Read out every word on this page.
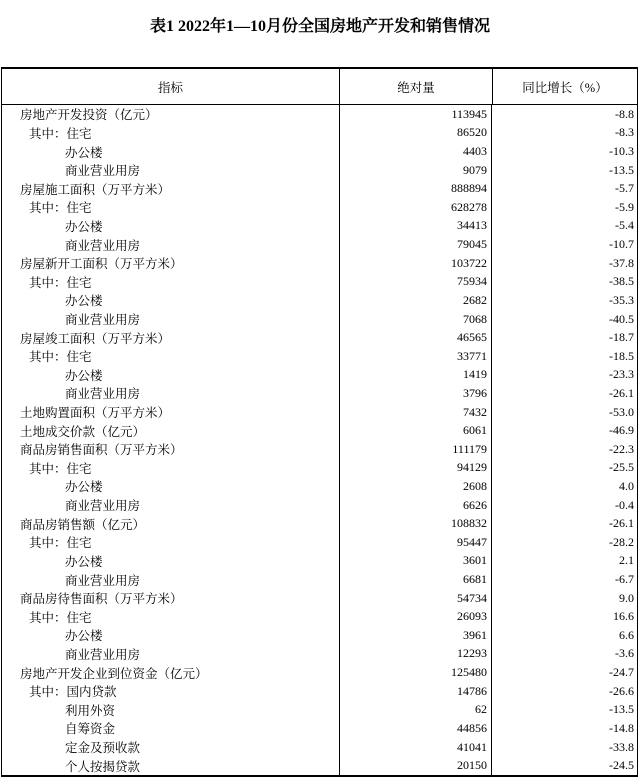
表1 2022年1—10月份全国房地产开发和销售情况
指标	绝对量	同比增长（%）
房地产开发投资（亿元）	113945	-8.8
其中：住宅	86520	-8.3
办公楼	4403	-10.3
商业营业用房	9079	-13.5
房屋施工面积（万平方米）	888894	-5.7
其中：住宅	628278	-5.9
办公楼	34413	-5.4
商业营业用房	79045	-10.7
房屋新开工面积（万平方米）	103722	-37.8
其中：住宅	75934	-38.5
办公楼	2682	-35.3
商业营业用房	7068	-40.5
房屋竣工面积（万平方米）	46565	-18.7
其中：住宅	33771	-18.5
办公楼	1419	-23.3
商业营业用房	3796	-26.1
土地购置面积（万平方米）	7432	-53.0
土地成交价款（亿元）	6061	-46.9
商品房销售面积（万平方米）	111179	-22.3
其中：住宅	94129	-25.5
办公楼	2608	4.0
商业营业用房	6626	-0.4
商品房销售额（亿元）	108832	-26.1
其中：住宅	95447	-28.2
办公楼	3601	2.1
商业营业用房	6681	-6.7
商品房待售面积（万平方米）	54734	9.0
其中：住宅	26093	16.6
办公楼	3961	6.6
商业营业用房	12293	-3.6
房地产开发企业到位资金（亿元）	125480	-24.7
其中：国内贷款	14786	-26.6
利用外资	62	-13.5
自筹资金	44856	-14.8
定金及预收款	41041	-33.8
个人按揭贷款	20150	-24.5
